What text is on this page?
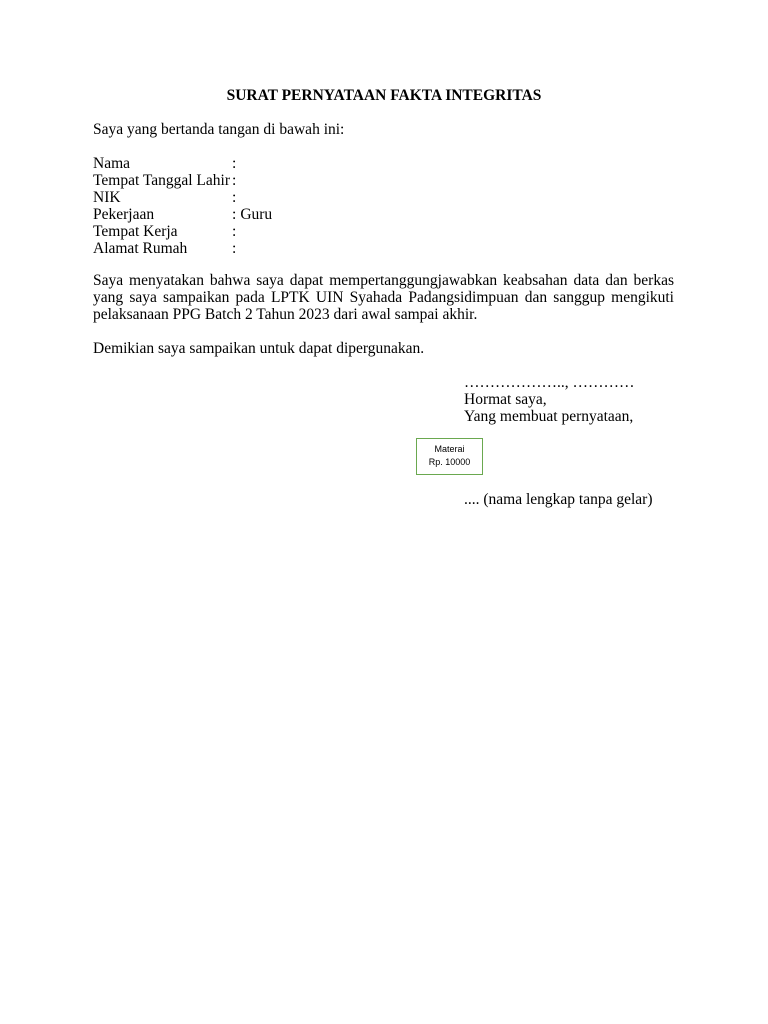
SURAT PERNYATAAN FAKTA INTEGRITAS
Saya yang bertanda tangan di bawah ini:
Nama	:
Tempat Tanggal Lahir :
NIK	:
Pekerjaan	: Guru
Tempat Kerja	:
Alamat Rumah	:
Saya menyatakan bahwa saya dapat mempertanggungjawabkan keabsahan data dan berkas yang saya sampaikan pada LPTK UIN Syahada Padangsidimpuan dan sanggup mengikuti pelaksanaan PPG Batch 2 Tahun 2023 dari awal sampai akhir.
Demikian saya sampaikan untuk dapat dipergunakan.
……………….., …………
Hormat saya,
Yang membuat pernyataan,
Materai
Rp. 10000
.... (nama lengkap tanpa gelar)
